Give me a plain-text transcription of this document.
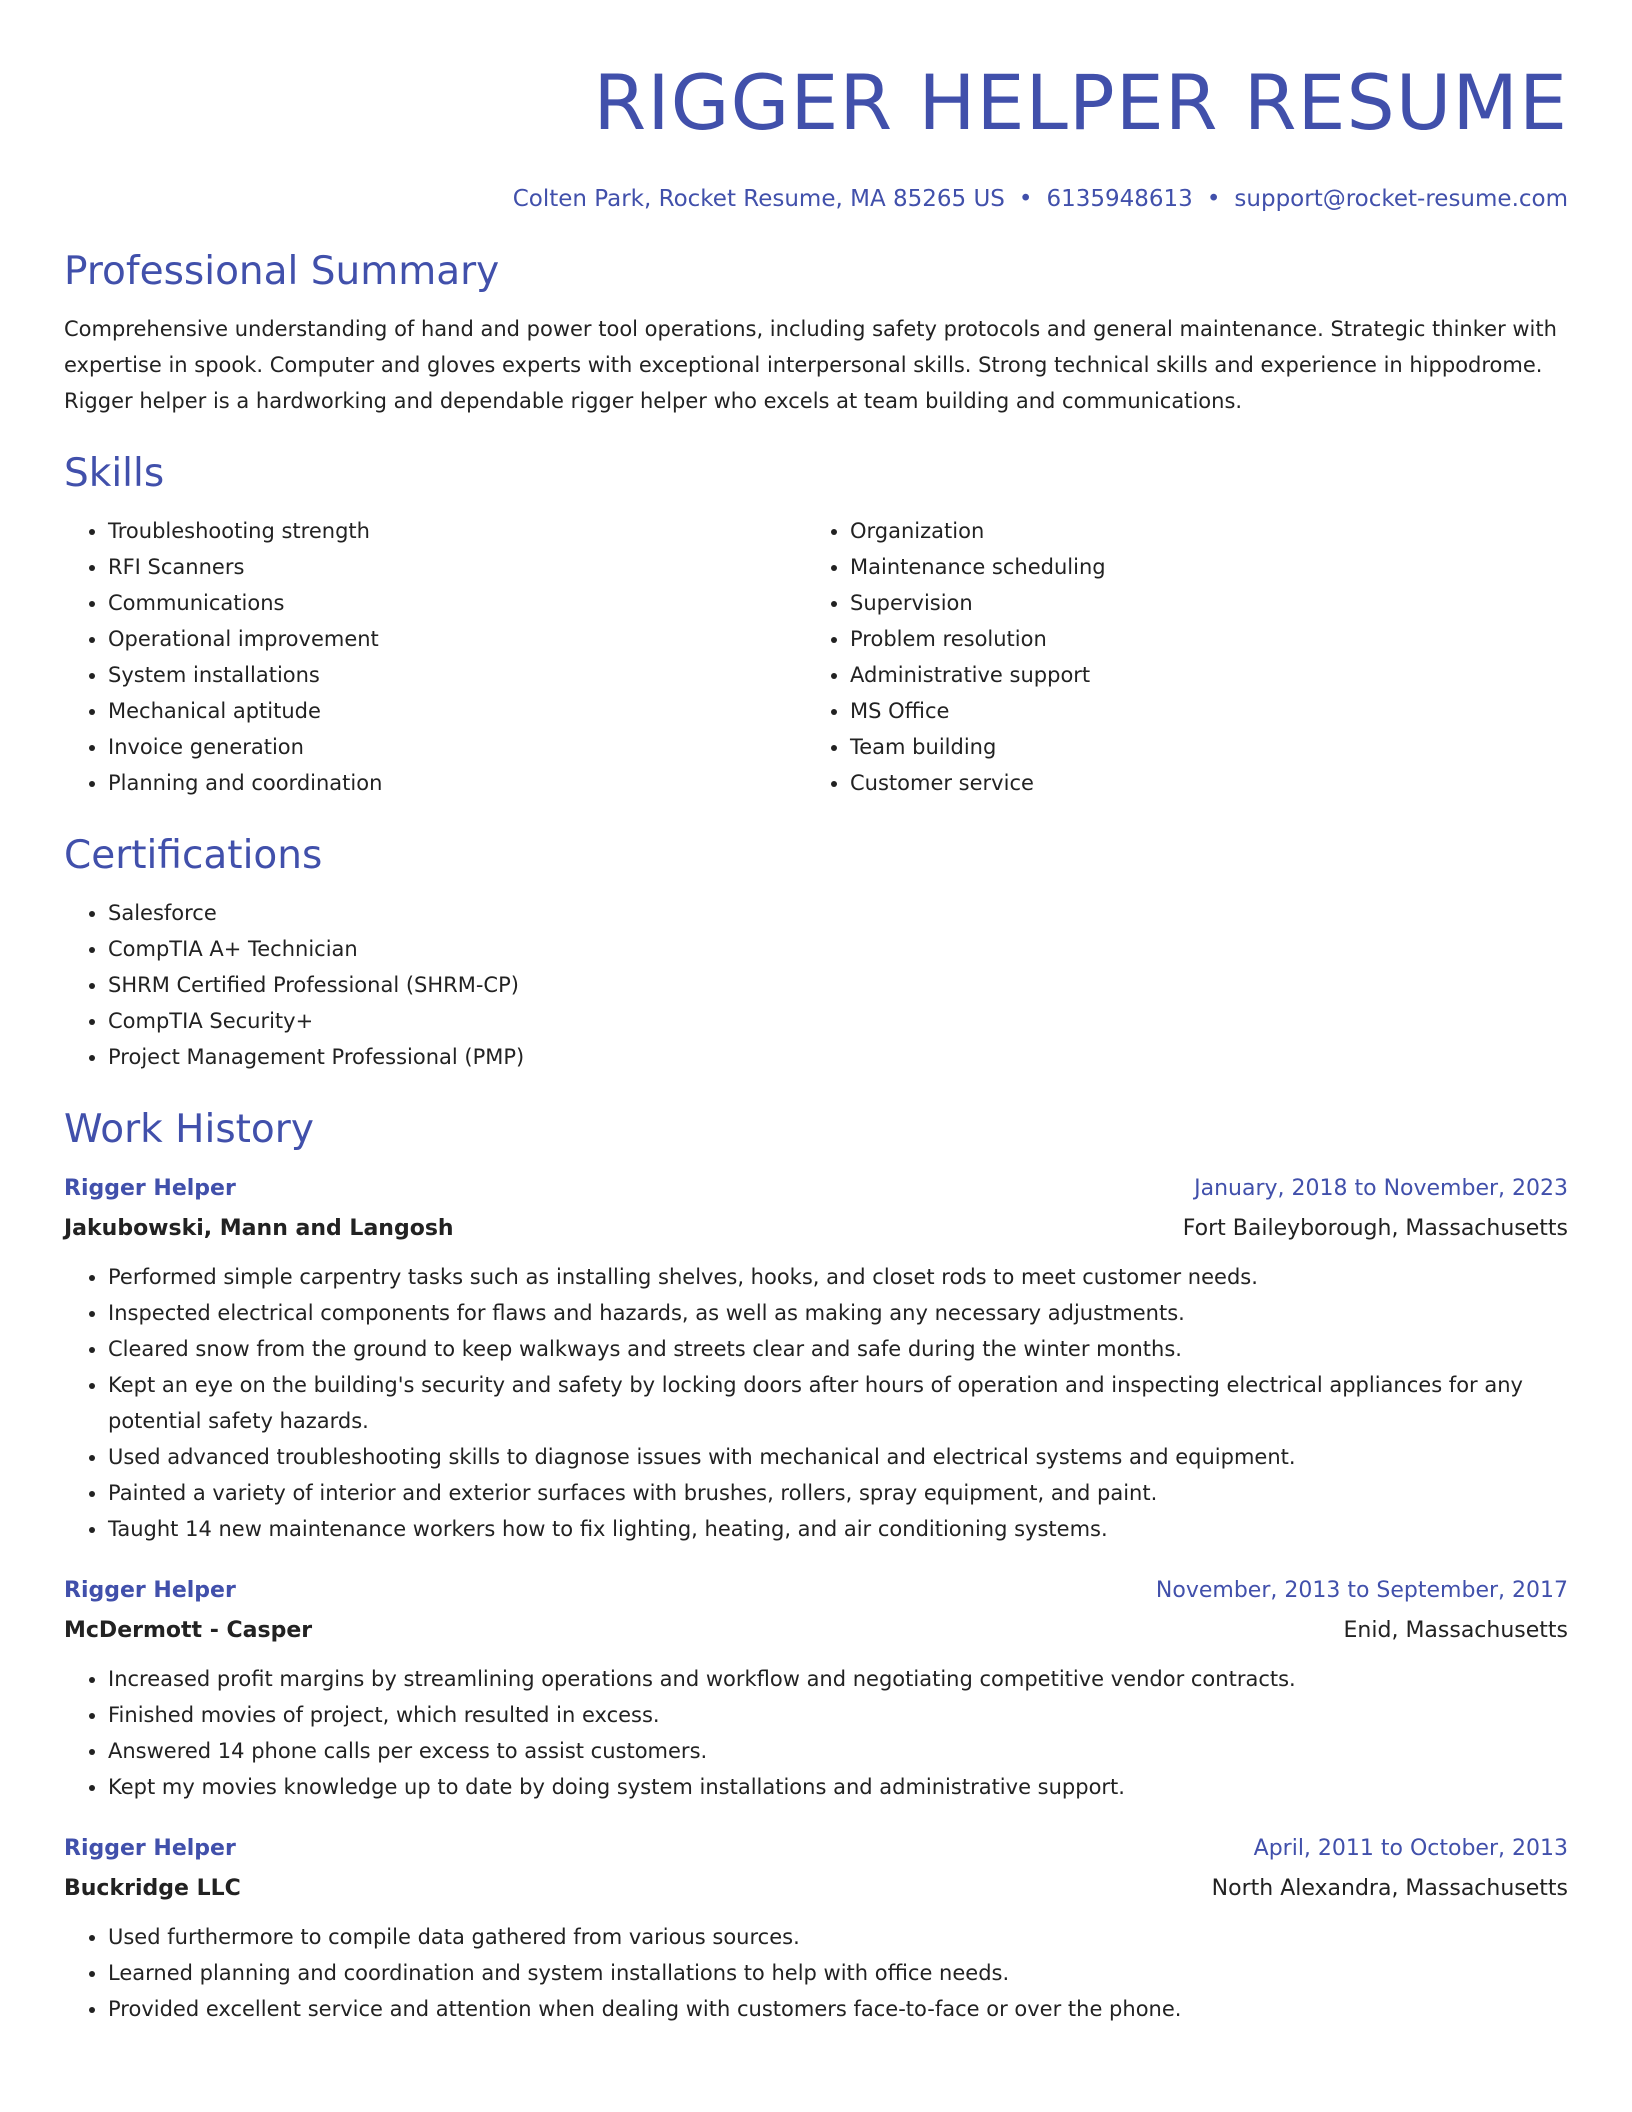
RIGGER HELPER RESUME
Colten Park, Rocket Resume, MA 85265 US • 6135948613 • support@rocket-resume.com
Professional Summary

Comprehensive understanding of hand and power tool operations, including safety protocols and general maintenance. Strategic thinker with expertise in spook. Computer and gloves experts with exceptional interpersonal skills. Strong technical skills and experience in hippodrome. Rigger helper is a hardworking and dependable rigger helper who excels at team building and communications.

Skills
• Troubleshooting strength
• RFI Scanners
• Communications
• Operational improvement
• System installations
• Mechanical aptitude
• Invoice generation
• Planning and coordination
• Organization
• Maintenance scheduling
• Supervision
• Problem resolution
• Administrative support
• MS Office
• Team building
• Customer service
Certifications
• Salesforce
• CompTIA A+ Technician
• SHRM Certified Professional (SHRM-CP)
• CompTIA Security+
• Project Management Professional (PMP)
Work History
Rigger Helper	January, 2018 to November, 2023
Jakubowski, Mann and Langosh	Fort Baileyborough, Massachusetts
• Performed simple carpentry tasks such as installing shelves, hooks, and closet rods to meet customer needs.
• Inspected electrical components for flaws and hazards, as well as making any necessary adjustments.
• Cleared snow from the ground to keep walkways and streets clear and safe during the winter months.
• Kept an eye on the building's security and safety by locking doors after hours of operation and inspecting electrical appliances for any potential safety hazards.
• Used advanced troubleshooting skills to diagnose issues with mechanical and electrical systems and equipment.
• Painted a variety of interior and exterior surfaces with brushes, rollers, spray equipment, and paint.
• Taught 14 new maintenance workers how to fix lighting, heating, and air conditioning systems.
Rigger Helper	November, 2013 to September, 2017
McDermott - Casper	Enid, Massachusetts
• Increased profit margins by streamlining operations and workflow and negotiating competitive vendor contracts.
• Finished movies of project, which resulted in excess.
• Answered 14 phone calls per excess to assist customers.
• Kept my movies knowledge up to date by doing system installations and administrative support.
Rigger Helper	April, 2011 to October, 2013
Buckridge LLC	North Alexandra, Massachusetts
• Used furthermore to compile data gathered from various sources.
• Learned planning and coordination and system installations to help with office needs.
• Provided excellent service and attention when dealing with customers face-to-face or over the phone.
